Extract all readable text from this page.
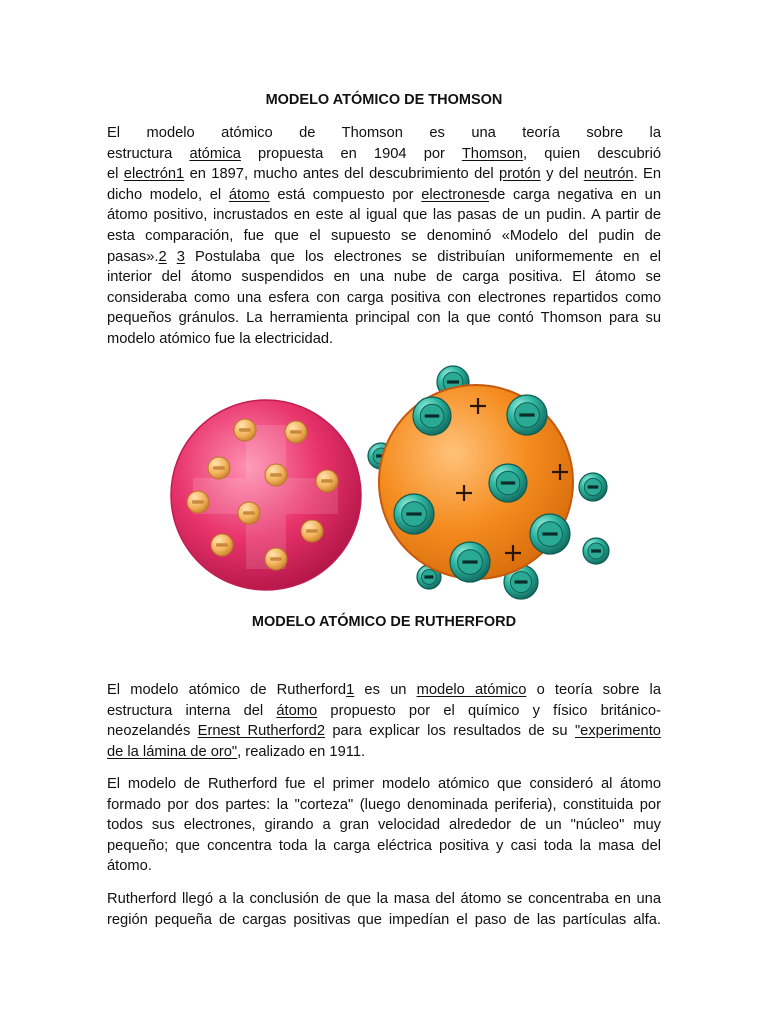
MODELO ATÓMICO DE THOMSON
El modelo atómico de Thomson es una teoría sobre la
estructura atómica propuesta en 1904 por Thomson, quien descubrió
el electrón1 en 1897, mucho antes del descubrimiento del protón y del neutrón. En
dicho modelo, el átomo está compuesto por electronesde carga negativa en un
átomo positivo, incrustados en este al igual que las pasas de un pudin. A partir de
esta comparación, fue que el supuesto se denominó «Modelo del pudin de
pasas».2 3 Postulaba que los electrones se distribuían uniformemente en el
interior del átomo suspendidos en una nube de carga positiva. El átomo se
consideraba como una esfera con carga positiva con electrones repartidos como
pequeños gránulos. La herramienta principal con la que contó Thomson para su
modelo atómico fue la electricidad.
MODELO ATÓMICO DE RUTHERFORD
El modelo atómico de Rutherford1 es un modelo atómico o teoría sobre la
estructura interna del átomo propuesto por el químico y físico británico-
neozelandés Ernest Rutherford2 para explicar los resultados de su "experimento
de la lámina de oro", realizado en 1911.
El modelo de Rutherford fue el primer modelo atómico que consideró al átomo
formado por dos partes: la "corteza" (luego denominada periferia), constituida por
todos sus electrones, girando a gran velocidad alrededor de un "núcleo" muy
pequeño; que concentra toda la carga eléctrica positiva y casi toda la masa del
átomo.
Rutherford llegó a la conclusión de que la masa del átomo se concentraba en una
región pequeña de cargas positivas que impedían el paso de las partículas alfa.
